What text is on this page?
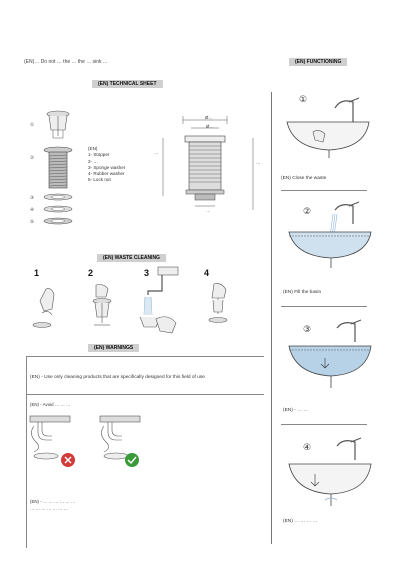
(EN)… Do not … the … the … sink …
(EN) TECHNICAL SHEET
①
②
③
④
⑤
(EN)
1- Stopper
2- …
3- Sponge washer
4- Rubber washer
5- Lock nut
Ø…
Ø…
…
…
…
(EN) WASTE CLEANING
1	2	3	4
(EN) WARNINGS
(EN) - Use only cleaning products that are specifically designed for this field of use
(EN) - Avoid … … …
(EN) - … … … … … …
… … … … … … …
(EN) FUNCTIONING
①
(EN) Close the waste
②
(EN) Fill the basin
③
(EN) - … …
④
(EN) … … … …
